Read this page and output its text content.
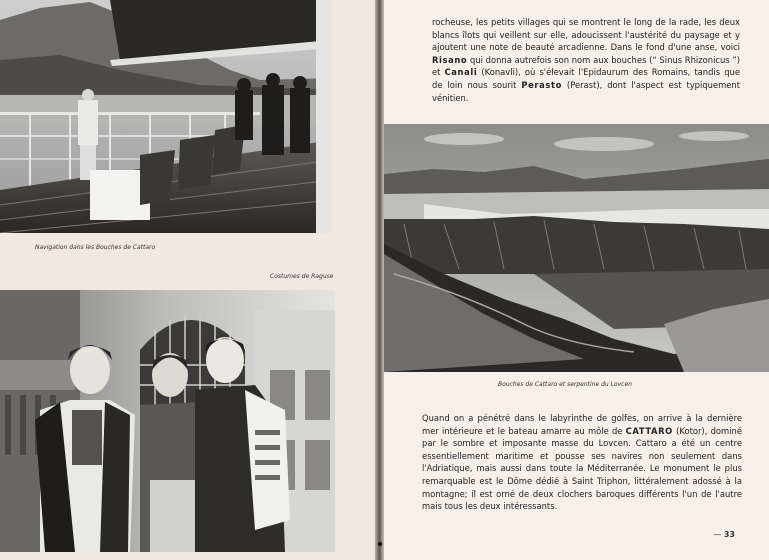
Navigation dans les Bouches de Cattaro
Costumes de Raguse

rocheuse, les petits villages qui se montrent le long de la rade, les deux blancs îlots qui veillent sur elle, adoucissent l'austérité du paysage et y ajoutent une note de beauté arcadienne. Dans le fond d'une anse, voici Risano qui donna autrefois son nom aux bouches (“ Sinus Rhizonicus ”) et Canali (Konavli), où s'élevait l'Epidaurum des Romains, tandis que de loin nous sourit Perasto (Perast), dont l'aspect est typiquement vénitien.

Bouches de Cattaro et serpentine du Lovcen

Quand on a pénétré dans le labyrinthe de golfes, on arrive à la dernière mer intérieure et le bateau amarre au môle de CATTARO (Kotor), dominé par le sombre et imposante masse du Lovcen. Cattaro a été un centre essentiellement maritime et pousse ses navires non seulement dans l'Adriatique, mais aussi dans toute la Méditerranée. Le monument le plus remarquable est le Dôme dédié à Saint Triphon, littéralement adossé à la montagne; il est orné de deux clochers baroques différents l'un de l'autre mais tous les deux intéressants.

— 33
